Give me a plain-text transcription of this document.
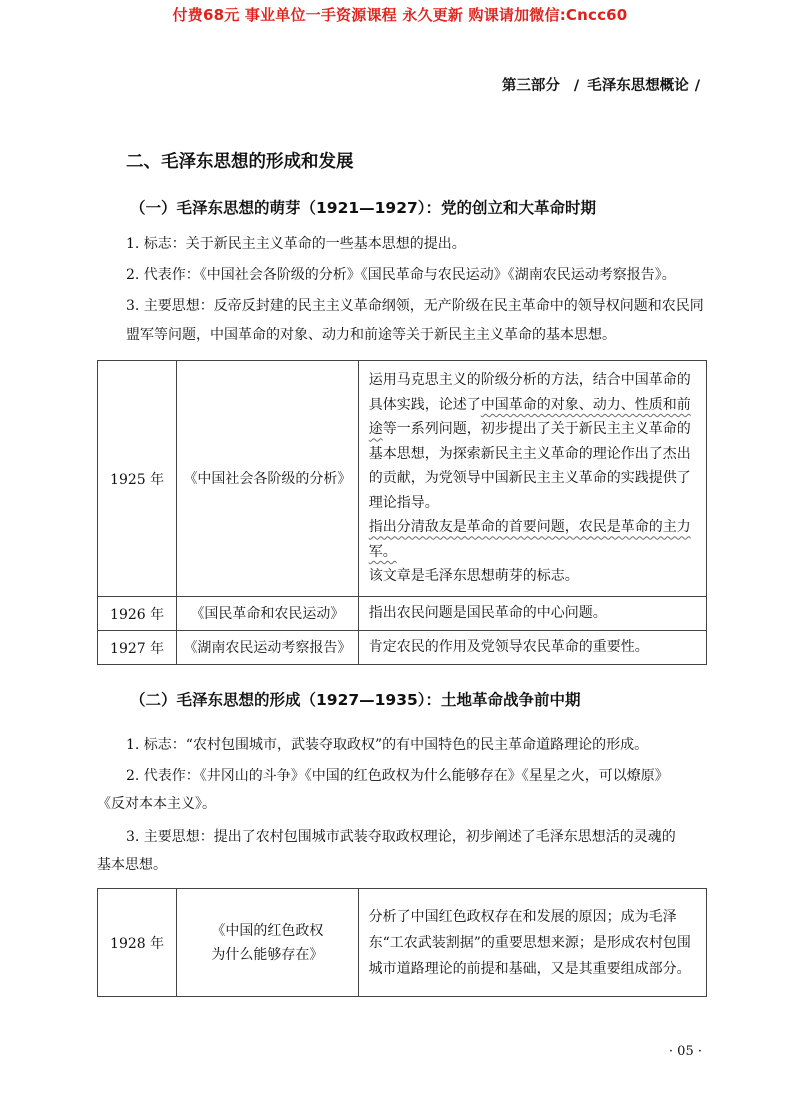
付费68元 事业单位一手资源课程 永久更新 购课请加微信:Cncc60
第三部分 / 毛泽东思想概论 /
二、毛泽东思想的形成和发展
（一）毛泽东思想的萌芽（1921—1927）：党的创立和大革命时期
1. 标志：关于新民主主义革命的一些基本思想的提出。
2. 代表作：《中国社会各阶级的分析》《国民革命与农民运动》《湖南农民运动考察报告》。
3. 主要思想：反帝反封建的民主主义革命纲领，无产阶级在民主革命中的领导权问题和农民同盟军等问题，中国革命的对象、动力和前途等关于新民主主义革命的基本思想。
1925 年	《中国社会各阶级的分析》	运用马克思主义的阶级分析的方法，结合中国革命的具体实践，论述了中国革命的对象、动力、性质和前途等一系列问题，初步提出了关于新民主主义革命的基本思想，为探索新民主主义革命的理论作出了杰出的贡献，为党领导中国新民主主义革命的实践提供了理论指导。
指出分清敌友是革命的首要问题，农民是革命的主力军。
该文章是毛泽东思想萌芽的标志。
1926 年	《国民革命和农民运动》	指出农民问题是国民革命的中心问题。
1927 年	《湖南农民运动考察报告》	肯定农民的作用及党领导农民革命的重要性。
（二）毛泽东思想的形成（1927—1935）：土地革命战争前中期
1. 标志：“农村包围城市，武装夺取政权”的有中国特色的民主革命道路理论的形成。
2. 代表作：《井冈山的斗争》《中国的红色政权为什么能够存在》《星星之火，可以燎原》
《反对本本主义》。
3. 主要思想：提出了农村包围城市武装夺取政权理论，初步阐述了毛泽东思想活的灵魂的
基本思想。
1928 年	《中国的红色政权
为什么能够存在》	分析了中国红色政权存在和发展的原因；成为毛泽东“工农武装割据”的重要思想来源；是形成农村包围城市道路理论的前提和基础，又是其重要组成部分。
· 05 ·
